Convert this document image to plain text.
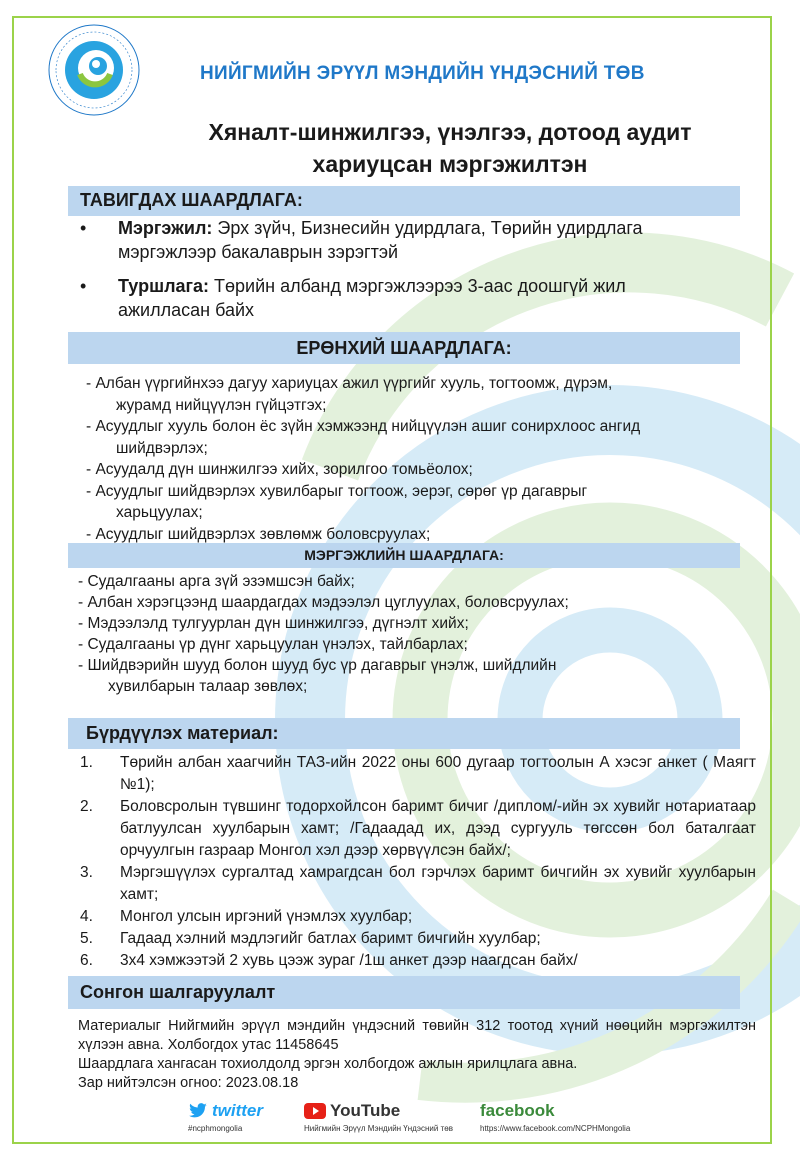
НИЙГМИЙН ЭРҮҮЛ МЭНДИЙН ҮНДЭСНИЙ ТӨВ
Хяналт-шинжилгээ, үнэлгээ, дотоод аудит
хариуцсан мэргэжилтэн
ТАВИГДАХ ШААРДЛАГА:
• Мэргэжил: Эрх зүйч, Бизнесийн удирдлага, Төрийн удирдлага
мэргэжлээр бакалаврын зэрэгтэй
• Туршлага: Төрийн албанд мэргэжлээрээ 3-аас доошгүй жил
ажилласан байх
ЕРӨНХИЙ ШААРДЛАГА:
- Албан үүргийнхээ дагуу хариуцах ажил үүргийг хууль, тогтоомж, дүрэм,
журамд нийцүүлэн гүйцэтгэх;
- Асуудлыг хууль болон ёс зүйн хэмжээнд нийцүүлэн ашиг сонирхлоос ангид
шийдвэрлэх;
- Асуудалд дүн шинжилгээ хийх, зорилгоо томьёолох;
- Асуудлыг шийдвэрлэх хувилбарыг тогтоож, эерэг, сөрөг үр дагаврыг
харьцуулах;
- Асуудлыг шийдвэрлэх зөвлөмж боловсруулах;
МЭРГЭЖЛИЙН ШААРДЛАГА:
- Судалгааны арга зүй эзэмшсэн байх;
- Албан хэрэгцээнд шаардагдах мэдээлэл цуглуулах, боловсруулах;
- Мэдээлэлд тулгуурлан дүн шинжилгээ, дүгнэлт хийх;
- Судалгааны үр дүнг харьцуулан үнэлэх, тайлбарлах;
- Шийдвэрийн шууд болон шууд бус үр дагаврыг үнэлж, шийдлийн
хувилбарын талаар зөвлөх;
Бүрдүүлэх материал:
1. Төрийн албан хаагчийн ТАЗ-ийн 2022 оны 600 дугаар тогтоолын А хэсэг анкет ( Маягт №1);
2. Боловсролын түвшинг тодорхойлсон баримт бичиг /диплом/-ийн эх хувийг нотариатаар батлуулсан хуулбарын хамт; /Гадаадад их, дээд сургууль төгссөн бол баталгаат орчуулгын газраар Монгол хэл дээр хөрвүүлсэн байх/;
3. Мэргэшүүлэх сургалтад хамрагдсан бол гэрчлэх баримт бичгийн эх хувийг хуулбарын хамт;
4. Монгол улсын иргэний үнэмлэх хуулбар;
5. Гадаад хэлний мэдлэгийг батлах баримт бичгийн хуулбар;
6. 3х4 хэмжээтэй 2 хувь цээж зураг /1ш анкет дээр наагдсан байх/
Сонгон шалгаруулалт

Материалыг Нийгмийн эрүүл мэндийн үндэсний төвийн 312 тоотод хүний нөөцийн мэргэжилтэн хүлээн авна. Холбогдох утас 11458645

Шаардлага хангасан тохиолдолд эргэн холбогдож ажлын ярилцлага авна.

Зар нийтэлсэн огноо: 2023.08.18

twitter
#ncphmongolia
YouTube
Нийгмийн Эрүүл Мэндийн Үндэсний төв
facebook
https://www.facebook.com/NCPHMongolia
